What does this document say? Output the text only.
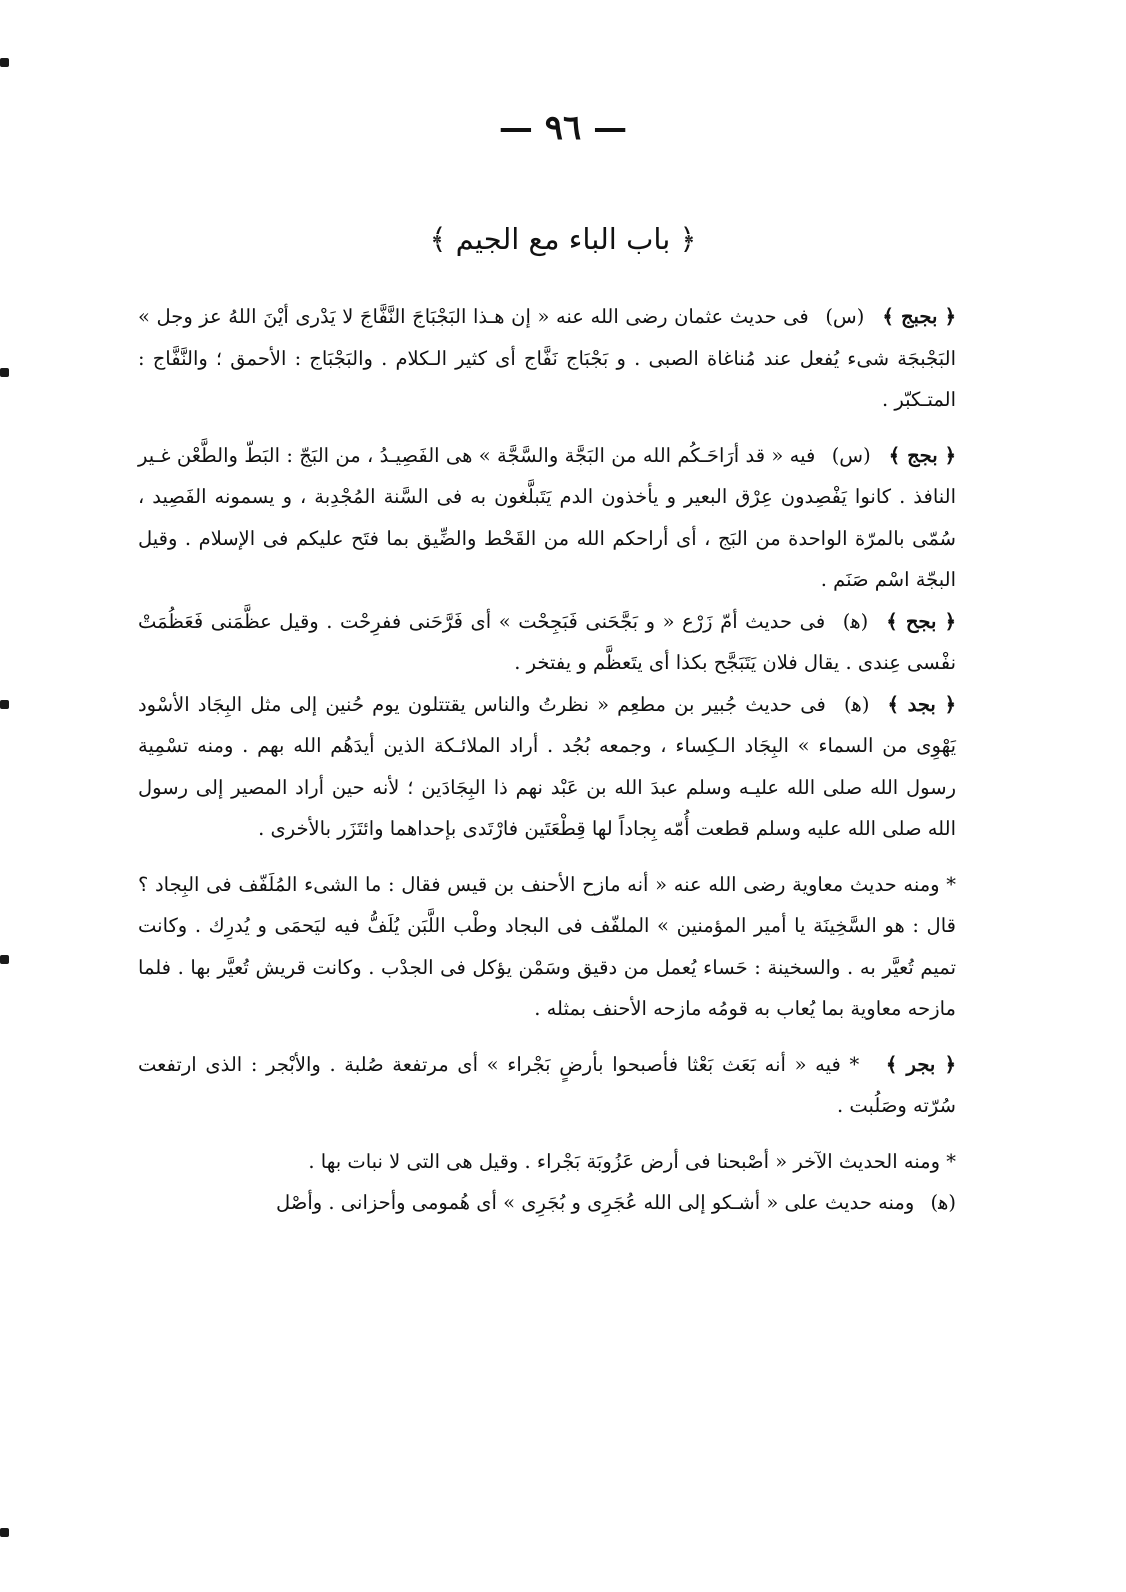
— ٩٦ —
﴿ باب الباء مع الجيم ﴾

﴿ بجبج ﴾(س) فى حديث عثمان رضى الله عنه « إن هـذا البَجْبَاجَ النَّفَّاجَ لا يَدْرى أيْنَ اللهُ عز وجل » البَجْبجَة شىء يُفعل عند مُناغاة الصبى . و بَجْبَاج نَفَّاج أى كثير الـكلام . والبَجْبَاج : الأحمق ؛ والنَّفَّاج : المتـكبّر .

﴿ بجج ﴾(س) فيه « قد أرَاحَـكُم الله من البَجَّة والسَّجَّة » هى الفَصِيـدُ ، من البَجّ : البَطّ والطَّعْن غـير النافذ . كانوا يَفْصِدون عِرْق البعير و يأخذون الدم يَتَبلَّغون به فى السَّنة المُجْدِبة ، و يسمونه الفَصِيد ، سُمّى بالمرّة الواحدة من البَج ، أى أراحكم الله من القَحْط والضِّيق بما فتَح عليكم فى الإسلام . وقيل البجّة اسْم صَنَم .

﴿ بجح ﴾(ﻫ) فى حديث أمّ زَرْع « و بَجَّحَنى فَبَجِحْت » أى فَرَّحَنى ففرِحْت . وقيل عظَّمَنى فَعَظُمَتْ نفْسى عِندى . يقال فلان يَتَبَجَّح بكذا أى يتَعظَّم و يفتخر .

﴿ بجد ﴾(ﻫ) فى حديث جُبير بن مطعِم « نظرتُ والناس يقتتلون يوم حُنين إلى مثل البِجَاد الأسْود يَهْوِى من السماء » البِجَاد الـكِساء ، وجمعه بُجُد . أراد الملائـكة الذين أيدَهُم الله بهم . ومنه تسْمِية رسول الله صلى الله عليـه وسلم عبدَ الله بن عَبْد نهم ذا البِجَادَين ؛ لأنه حين أراد المصير إلى رسول الله صلى الله عليه وسلم قطعت أُمّه بِجاداً لها قِطْعَتَين فارْتَدى بإحداهما وائتَزَر بالأخرى .

* ومنه حديث معاوية رضى الله عنه « أنه مازح الأحنف بن قيس فقال : ما الشىء المُلَفّف فى البِجاد ؟ قال : هو السَّخِينَة يا أمير المؤمنين » الملفّف فى البجاد وطْب اللَّبَن يُلَفُّ فيه ليَحمَى و يُدرِك . وكانت تميم تُعيَّر به . والسخينة : حَساء يُعمل من دقيق وسَمْن يؤكل فى الجدْب . وكانت قريش تُعيَّر بها . فلما مازحه معاوية بما يُعاب به قومُه مازحه الأحنف بمثله .

﴿ بجر ﴾ * فيه « أنه بَعَث بَعْثا فأصبحوا بأرضٍ بَجْراء » أى مرتفعة صُلبة . والأبْجر : الذى ارتفعت سُرّته وصَلُبت .

* ومنه الحديث الآخر « أصْبحنا فى أرض عَزُوبَة بَجْراء . وقيل هى التى لا نبات بها .

(ﻫ) ومنه حديث على « أشـكو إلى الله عُجَرِى و بُجَرِى » أى هُمومى وأحزانى . وأصْل
